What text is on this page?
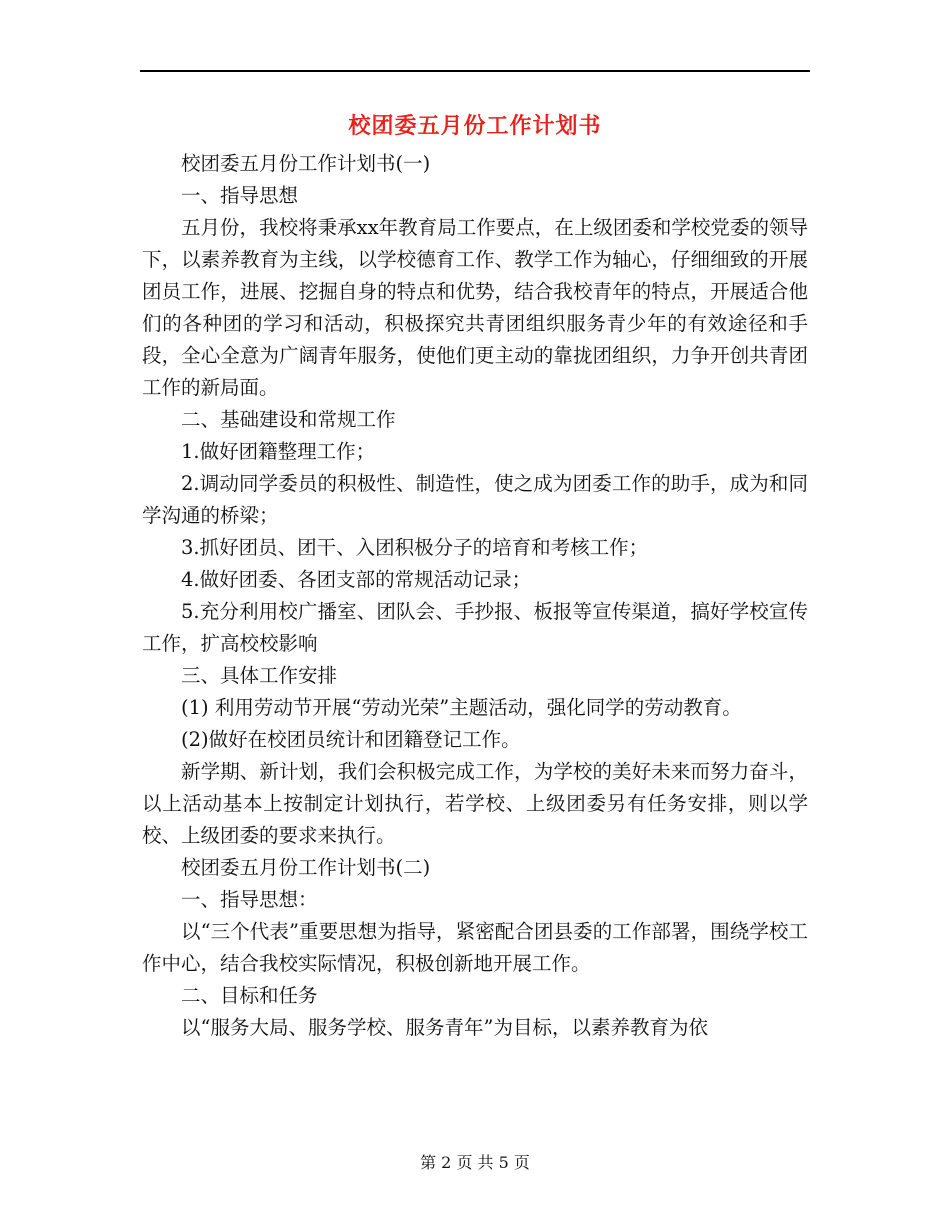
校团委五月份工作计划书

校团委五月份工作计划书(一)

一、指导思想

五月份，我校将秉承xx年教育局工作要点，在上级团委和学校党委的领导下，以素养教育为主线，以学校德育工作、教学工作为轴心，仔细细致的开展团员工作，进展、挖掘自身的特点和优势，结合我校青年的特点，开展适合他们的各种团的学习和活动，积极探究共青团组织服务青少年的有效途径和手段，全心全意为广阔青年服务，使他们更主动的靠拢团组织，力争开创共青团工作的新局面。

二、基础建设和常规工作

1.做好团籍整理工作；

2.调动同学委员的积极性、制造性，使之成为团委工作的助手，成为和同学沟通的桥梁；

3.抓好团员、团干、入团积极分子的培育和考核工作；

4.做好团委、各团支部的常规活动记录；

5.充分利用校广播室、团队会、手抄报、板报等宣传渠道，搞好学校宣传工作，扩高校校影响

三、具体工作安排

(1) 利用劳动节开展“劳动光荣”主题活动，强化同学的劳动教育。

(2)做好在校团员统计和团籍登记工作。

新学期、新计划，我们会积极完成工作，为学校的美好未来而努力奋斗，以上活动基本上按制定计划执行，若学校、上级团委另有任务安排，则以学校、上级团委的要求来执行。

校团委五月份工作计划书(二)

一、指导思想：

以“三个代表”重要思想为指导，紧密配合团县委的工作部署，围绕学校工作中心，结合我校实际情况，积极创新地开展工作。

二、目标和任务

以“服务大局、服务学校、服务青年”为目标，以素养教育为依

第 2 页 共 5 页
